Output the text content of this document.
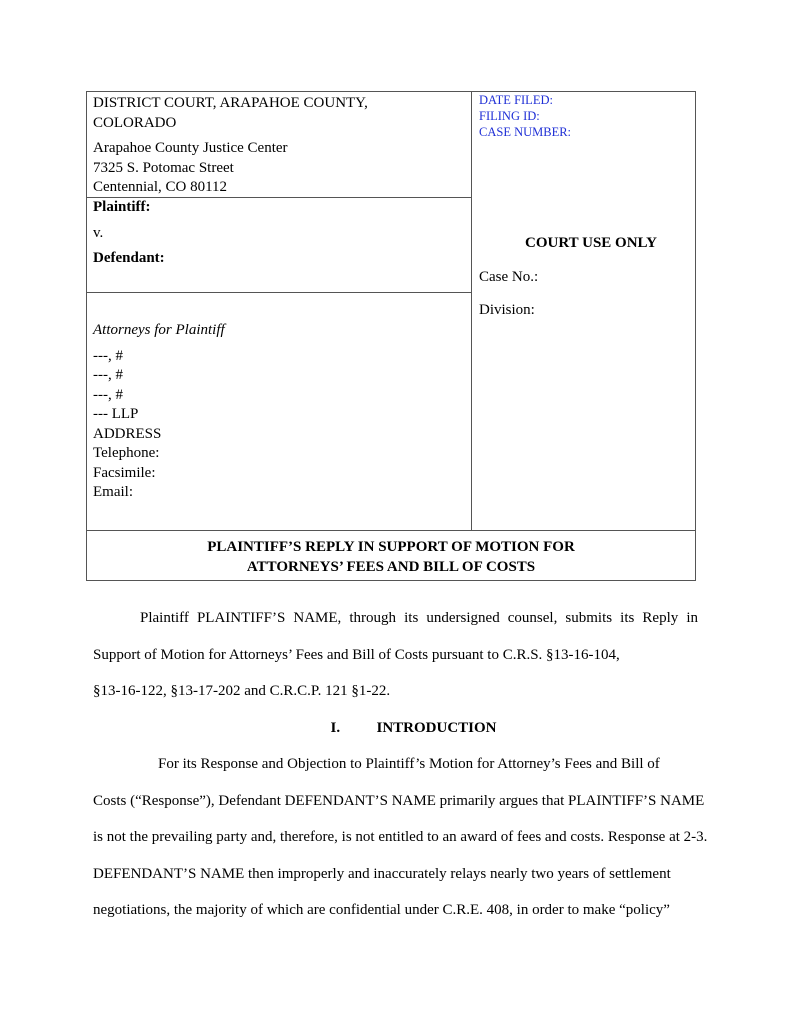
DISTRICT COURT, ARAPAHOE COUNTY,

COLORADO

Arapahoe County Justice Center

7325 S. Potomac Street

Centennial, CO 80112

Plaintiff:
v.
Defendant:
Attorneys for Plaintiff
---, #
---, #
---, #
--- LLP
ADDRESS
Telephone:
Facsimile:
Email:
DATE FILED:
FILING ID:
CASE NUMBER:
COURT USE ONLY
Case No.:
Division:
PLAINTIFF’S REPLY IN SUPPORT OF MOTION FOR
ATTORNEYS’ FEES AND BILL OF COSTS

Plaintiff PLAINTIFF’S NAME, through its undersigned counsel, submits its Reply in

Support of Motion for Attorneys’ Fees and Bill of Costs pursuant to C.R.S. §13-16-104,

§13-16-122, §13-17-202 and C.R.C.P. 121 §1-22.

I. INTRODUCTION

For its Response and Objection to Plaintiff’s Motion for Attorney’s Fees and Bill of

Costs (“Response”), Defendant DEFENDANT’S NAME primarily argues that PLAINTIFF’S NAME

is not the prevailing party and, therefore, is not entitled to an award of fees and costs. Response at 2-3.

DEFENDANT’S NAME then improperly and inaccurately relays nearly two years of settlement

negotiations, the majority of which are confidential under C.R.E. 408, in order to make “policy”
